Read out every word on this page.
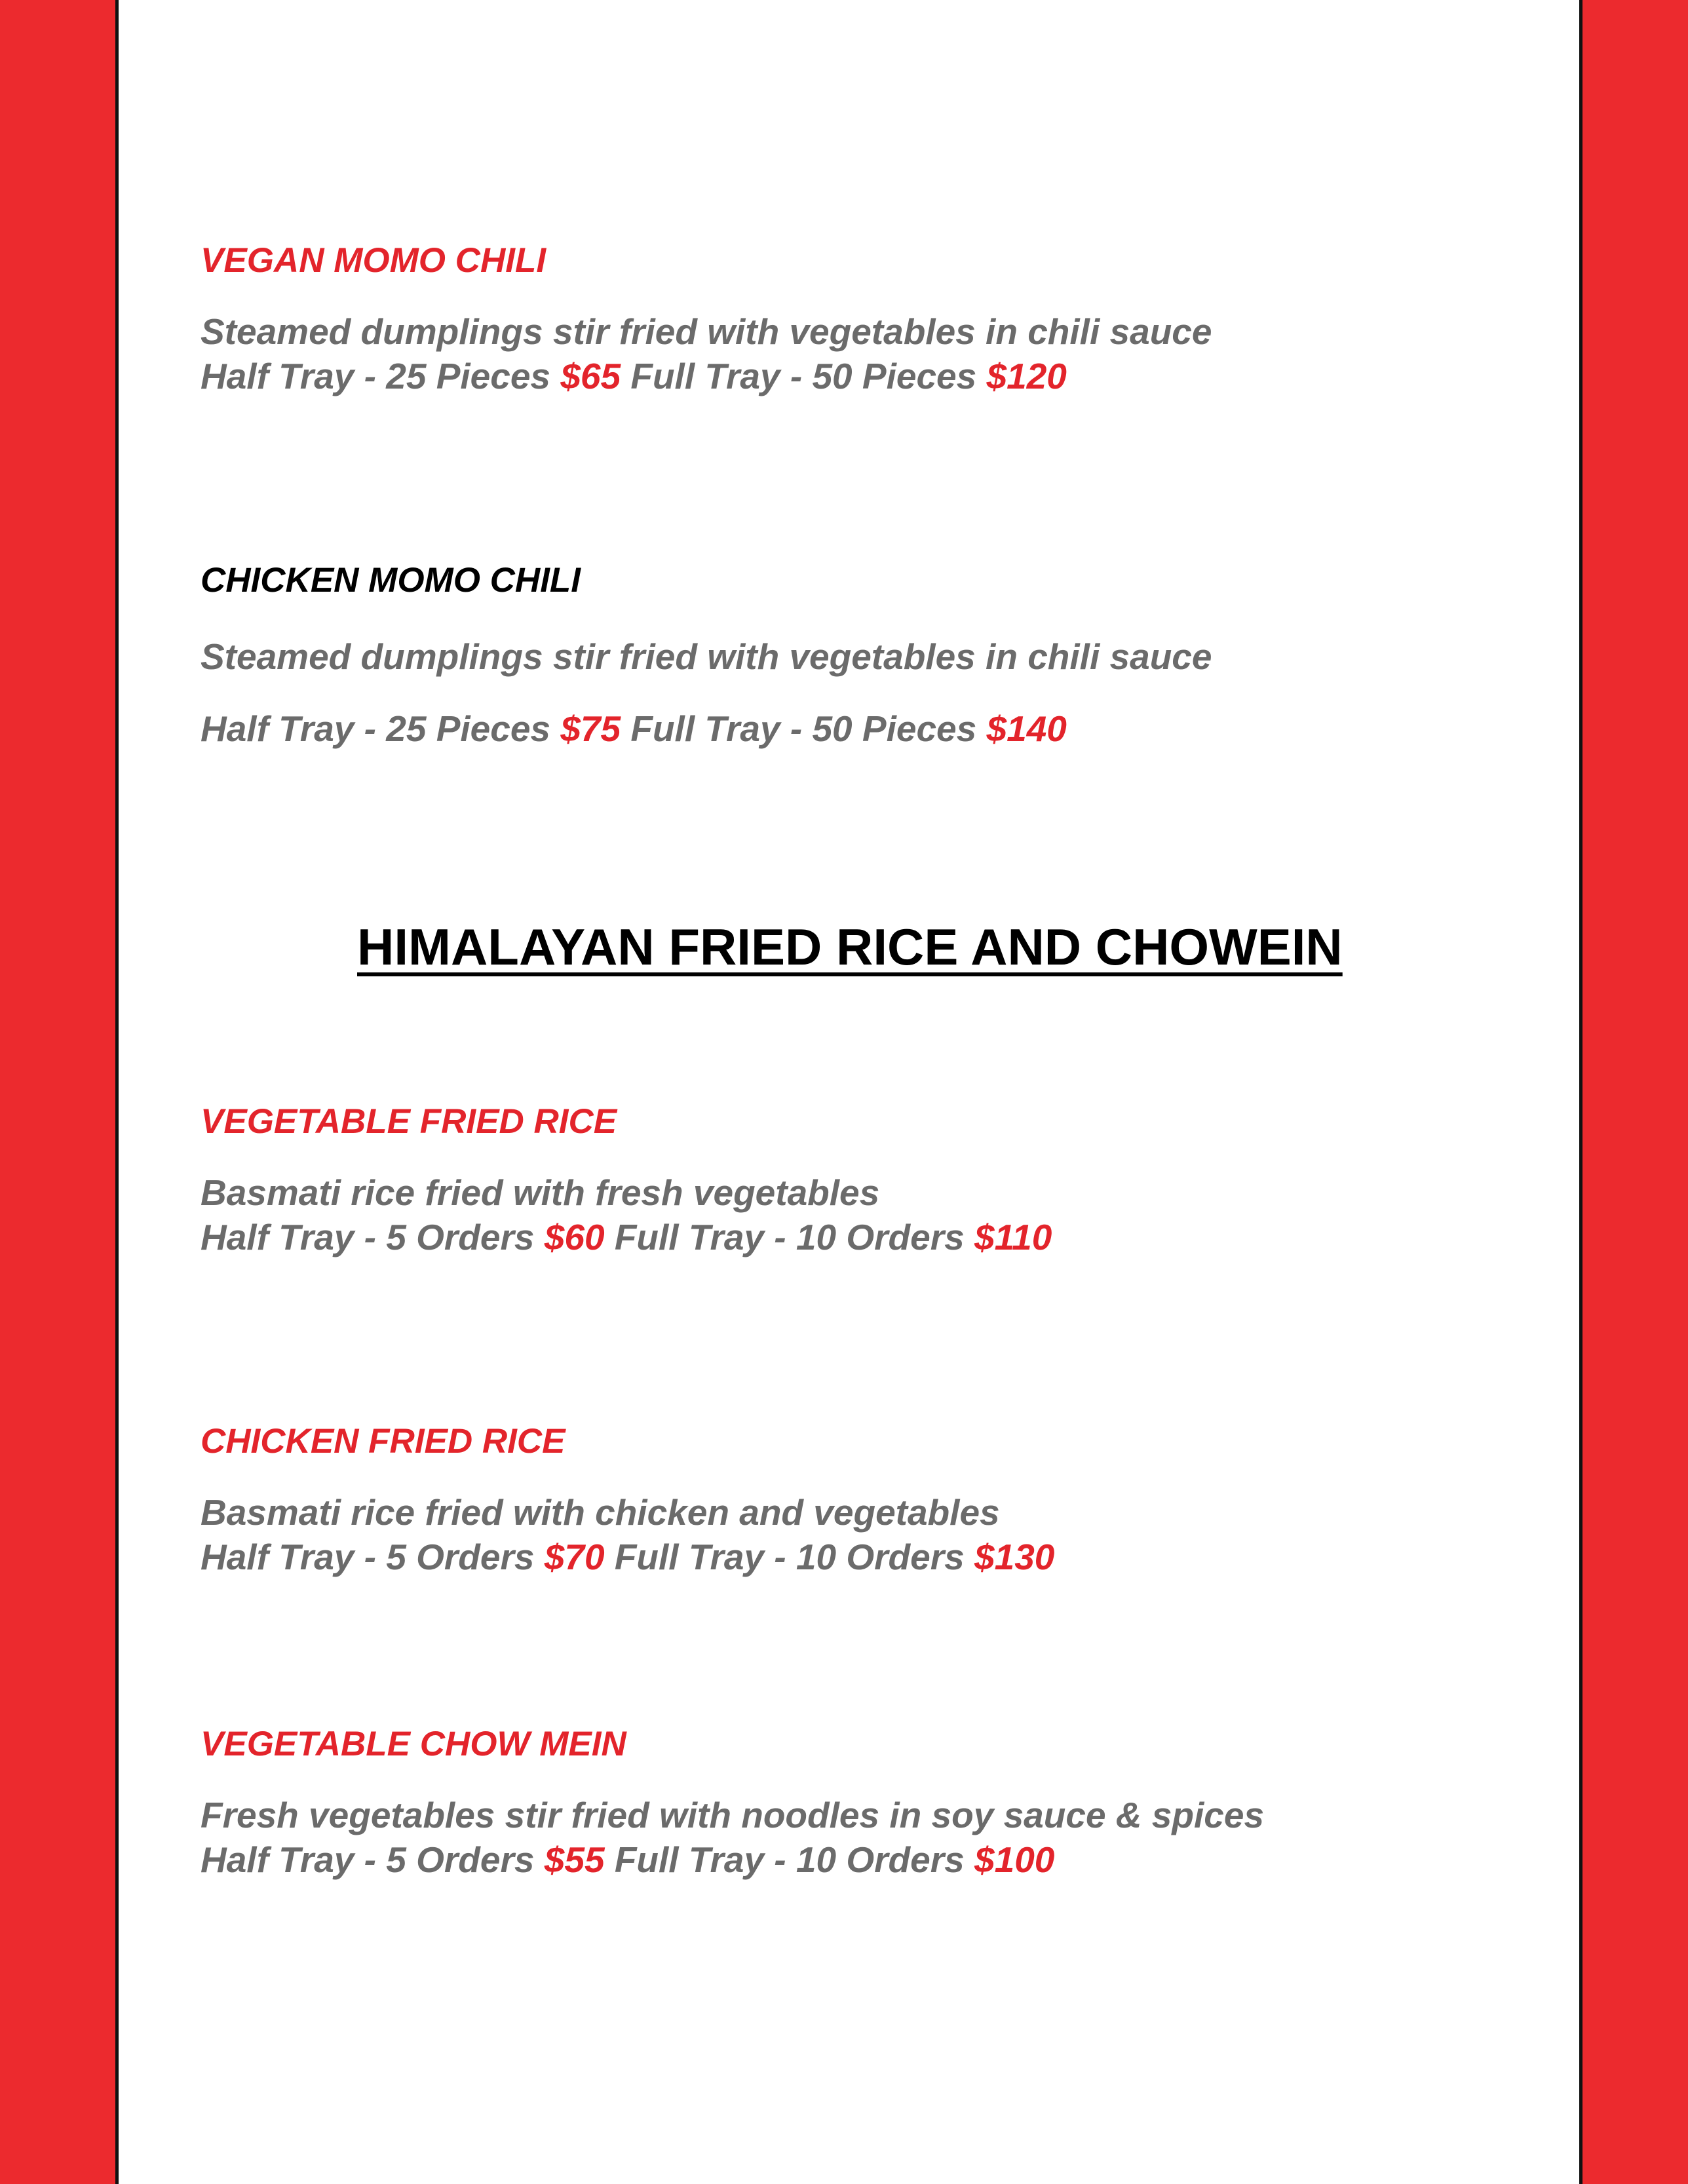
VEGAN MOMO CHILI

Steamed dumplings stir fried with vegetables in chili sauce

Half Tray - 25 Pieces $65 Full Tray - 50 Pieces $120

CHICKEN MOMO CHILI

Steamed dumplings stir fried with vegetables in chili sauce

Half Tray - 25 Pieces $75 Full Tray - 50 Pieces $140

HIMALAYAN FRIED RICE AND CHOWEIN

VEGETABLE FRIED RICE

Basmati rice fried with fresh vegetables

Half Tray - 5 Orders $60 Full Tray - 10 Orders $110

CHICKEN FRIED RICE

Basmati rice fried with chicken and vegetables

Half Tray - 5 Orders $70 Full Tray - 10 Orders $130

VEGETABLE CHOW MEIN

Fresh vegetables stir fried with noodles in soy sauce & spices

Half Tray - 5 Orders $55 Full Tray - 10 Orders $100
